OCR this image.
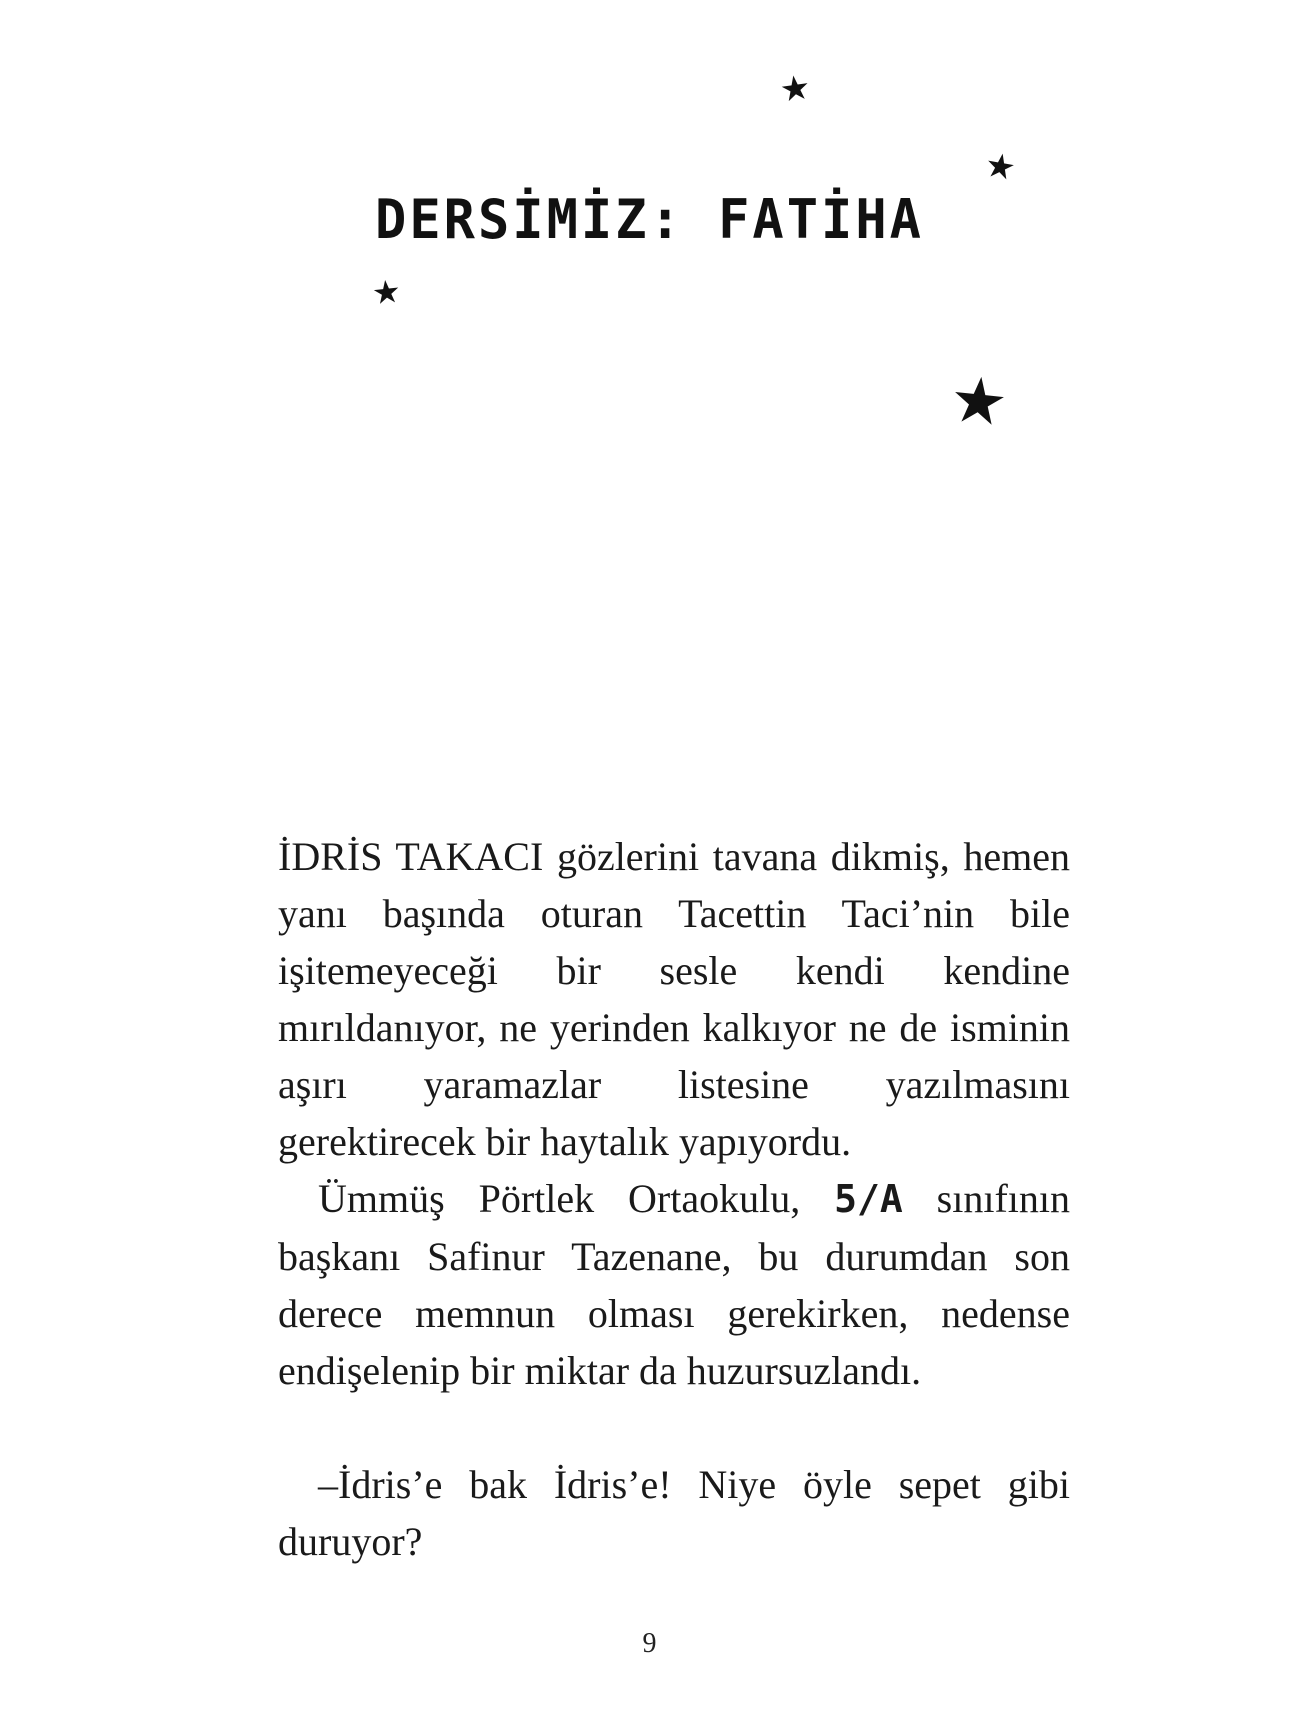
★
★
★
★
DERSİMİZ: FATİHA

İDRİS TAKACI gözlerini tavana dikmiş, hemen yanı başında oturan Tacettin Taci’nin bile işitemeyeceği bir sesle kendi kendine mırıldanıyor, ne yerinden kalkıyor ne de isminin aşırı yaramazlar listesine yazılmasını gerektirecek bir haytalık yapıyordu.

Ümmüş Pörtlek Ortaokulu, 5/A sınıfının başkanı Safinur Tazenane, bu durumdan son derece memnun olması gerekirken, nedense endişelenip bir miktar da huzursuzlandı.

–İdris’e bak İdris’e! Niye öyle sepet gibi duruyor?

9
